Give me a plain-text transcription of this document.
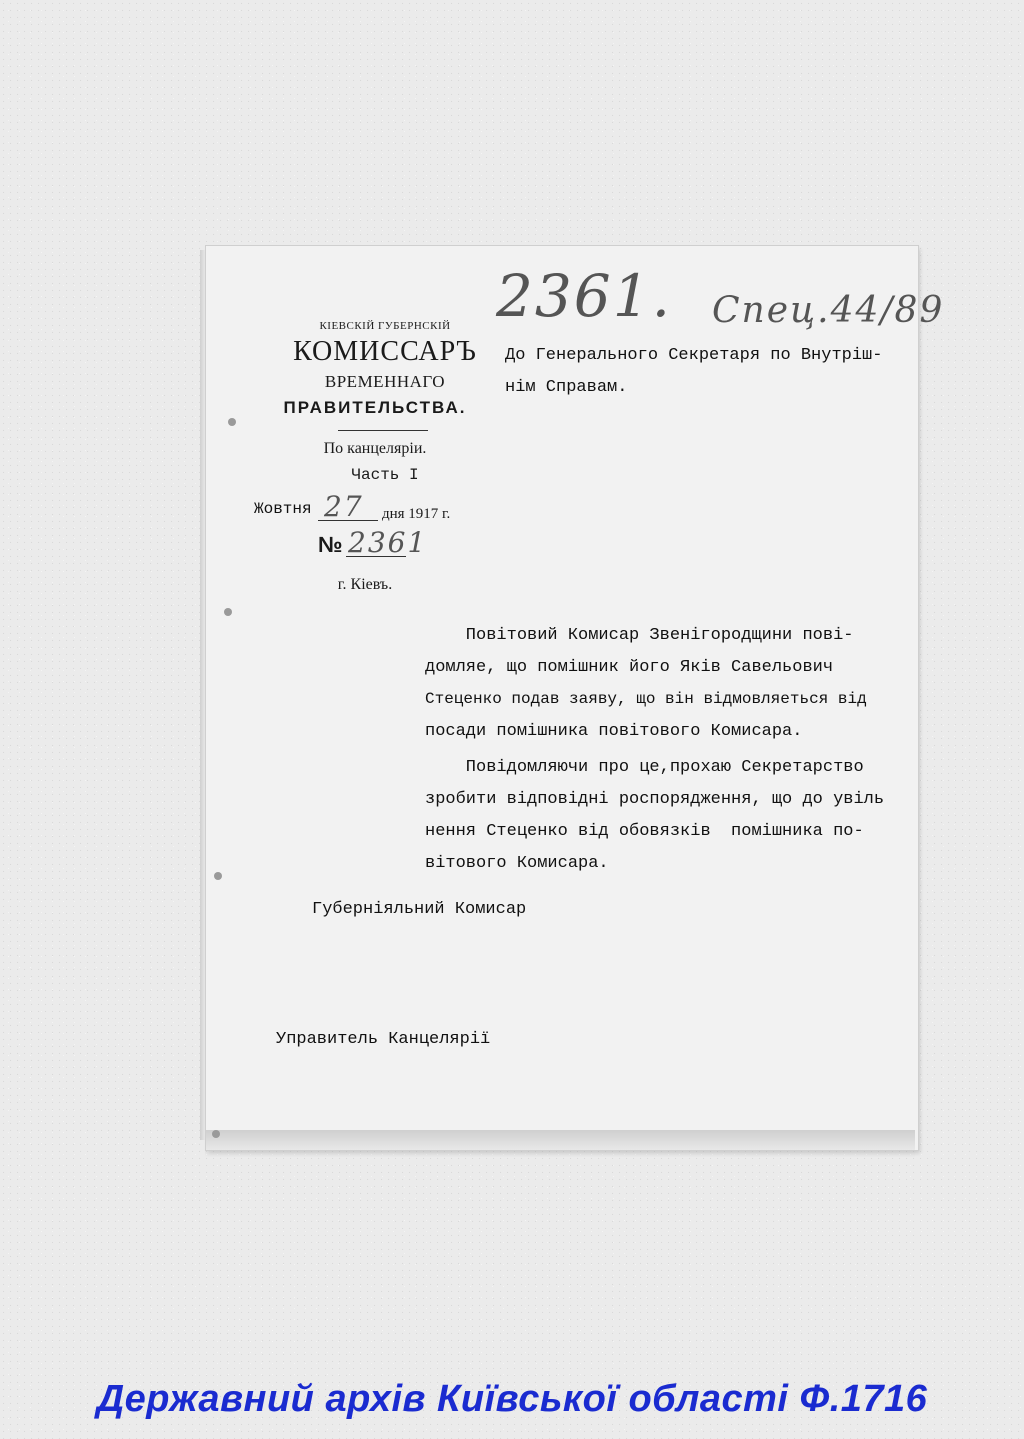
2361. Спец.44/89
КІЕВСКІЙ ГУБЕРНСКІЙ
КОМИССАРЪ
ВРЕМЕННАГО
ПРАВИТЕЛЬСТВА.
По канцеляріи.
Часть І
Жовтня 27 дня 1917 г.
№ 2361
г. Кіевъ.
До Генерального Секретаря по Внутріш-
нім Справам.
Повітовий Комисар Звенігородщини пові-
домляе, що помішник його Яків Савельович
Стеценко подав заяву, що він відмовляеться від
посади помішника повітового Комисара.
Повідомляючи про це,прохаю Секретарство
зробити відповідні роспорядження, що до увіль
нення Стеценко від обовязків  помішника по-
вітового Комисара.
Губерніяльний Комисар
Управитель Канцелярії
Державний архів Київської області Ф.1716
